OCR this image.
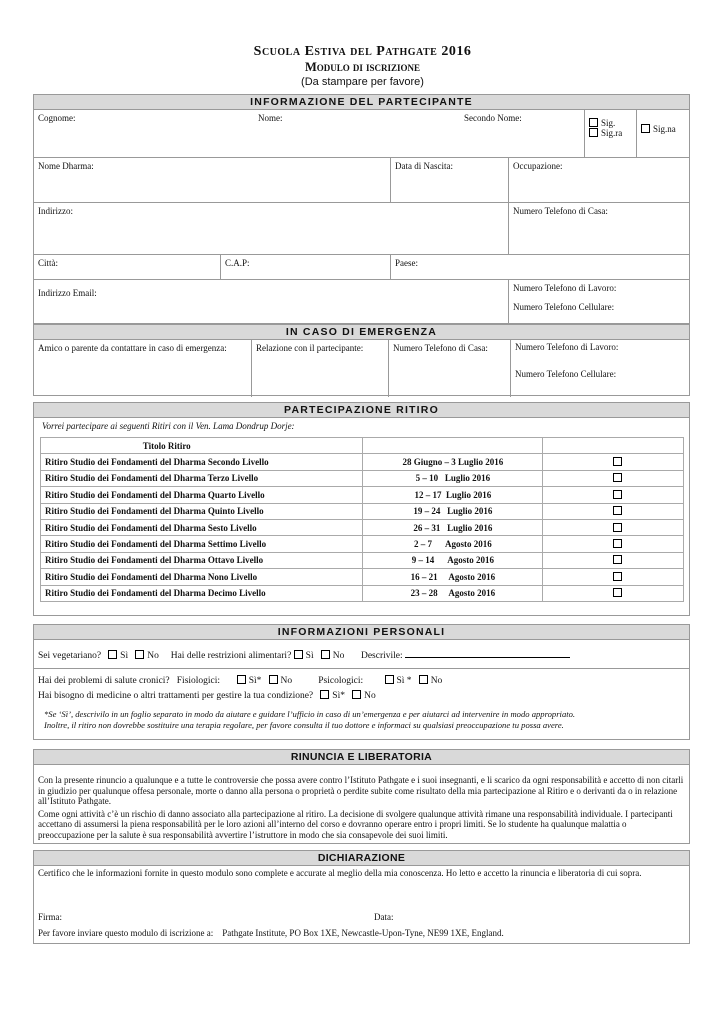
Scuola Estiva del Pathgate 2016
Modulo di iscrizione
(Da stampare per favore)
INFORMAZIONE DEL PARTECIPANTE
Cognome:	Nome:	Secondo Nome:	Sig.
Sig.ra	Sig.na
Nome Dharma:	Data di Nascita:	Occupazione:
Indirizzo:	Numero Telefono di Casa:
Città:	C.A.P:	Paese:
Indirizzo Email:	Numero Telefono di Lavoro:
Numero Telefono Cellulare:
IN CASO DI EMERGENZA
Amico o parente da contattare in caso di emergenza:	Relazione con il partecipante:	Numero Telefono di Casa:	Numero Telefono di Lavoro:
Numero Telefono Cellulare:
PARTECIPAZIONE RITIRO
Vorrei partecipare ai seguenti Ritiri con il Ven. Lama Dondrup Dorje:
Titolo Ritiro		
Ritiro Studio dei Fondamenti del Dharma Secondo Livello	28 Giugno – 3 Luglio 2016	
Ritiro Studio dei Fondamenti del Dharma Terzo Livello	5 – 10   Luglio 2016	
Ritiro Studio dei Fondamenti del Dharma Quarto Livello	12 – 17  Luglio 2016	
Ritiro Studio dei Fondamenti del Dharma Quinto Livello	19 – 24   Luglio 2016	
Ritiro Studio dei Fondamenti del Dharma Sesto Livello	26 – 31   Luglio 2016	
Ritiro Studio dei Fondamenti del Dharma Settimo Livello	2 – 7      Agosto 2016	
Ritiro Studio dei Fondamenti del Dharma Ottavo Livello	9 – 14      Agosto 2016	
Ritiro Studio dei Fondamenti del Dharma Nono Livello	16 – 21     Agosto 2016	
Ritiro Studio dei Fondamenti del Dharma Decimo Livello	23 – 28     Agosto 2016	
INFORMAZIONI PERSONALI
Sei vegetariano? Sì No Hai delle restrizioni alimentari? Sì No Descrivile:
Hai dei problemi di salute cronici? Fisiologici:	Sì* No	Psicologici:	Sì * No
Hai bisogno di medicine o altri trattamenti per gestire la tua condizione? Sì* No
*Se ‘Sì’, descrivilo in un foglio separato in modo da aiutare e guidare l’ufficio in caso di un’emergenza e per aiutarci ad intervenire in modo appropriato.
Inoltre, il ritiro non dovrebbe sostituire una terapia regolare, per favore consulta il tuo dottore e informaci su qualsiasi preoccupazione tu possa avere.
RINUNCIA E LIBERATORIA
Con la presente rinuncio a qualunque e a tutte le controversie che possa avere contro l’Istituto Pathgate e i suoi insegnanti, e li scarico da ogni responsabilità e accetto di non citarli in giudizio per qualunque offesa personale, morte o danno alla persona o proprietà o perdite subite come risultato della mia partecipazione al Ritiro e o derivanti da o in relazione all’Istituto Pathgate.
Come ogni attività c’è un rischio di danno associato alla partecipazione al ritiro. La decisione di svolgere qualunque attività rimane una responsabilità individuale. I partecipanti accettano di assumersi la piena responsabilità per le loro azioni all’interno del corso e dovranno operare entro i propri limiti. Se lo studente ha qualunque malattia o preoccupazione per la salute è sua responsabilità avvertire l’istruttore in modo che sia consapevole dei suoi limiti.
DICHIARAZIONE
Certifico che le informazioni fornite in questo modulo sono complete e accurate al meglio della mia conoscenza. Ho letto e accetto la rinuncia e liberatoria di cui sopra.
Firma:	Data:
Per favore inviare questo modulo di iscrizione a:    Pathgate Institute, PO Box 1XE, Newcastle-Upon-Tyne, NE99 1XE, England.
